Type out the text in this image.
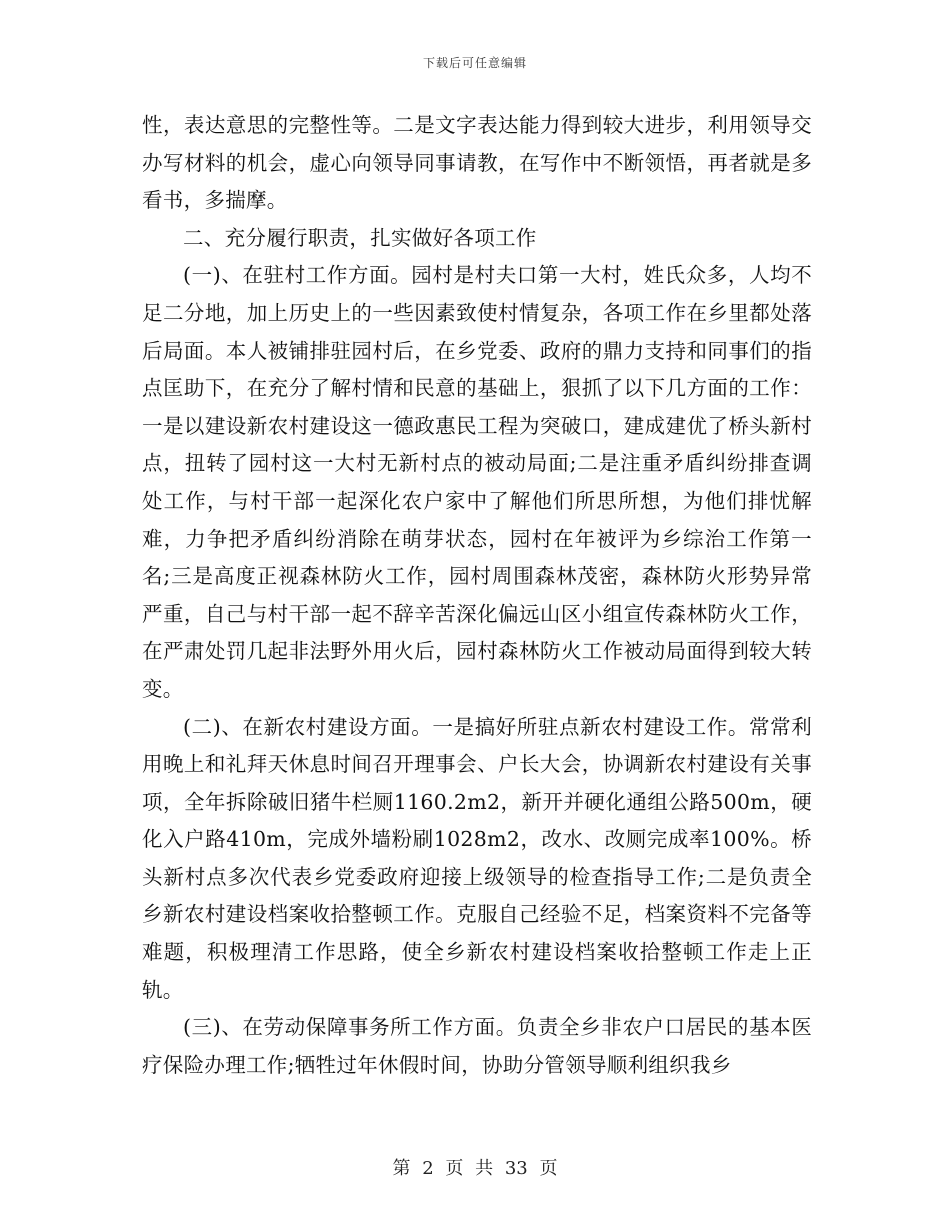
下载后可任意编辑

性，表达意思的完整性等。二是文字表达能力得到较大进步，利用领导交办写材料的机会，虚心向领导同事请教，在写作中不断领悟，再者就是多看书，多揣摩。

二、充分履行职责，扎实做好各项工作

(一)、在驻村工作方面。园村是村夫口第一大村，姓氏众多，人均不足二分地，加上历史上的一些因素致使村情复杂，各项工作在乡里都处落后局面。本人被铺排驻园村后，在乡党委、政府的鼎力支持和同事们的指点匡助下，在充分了解村情和民意的基础上，狠抓了以下几方面的工作：一是以建设新农村建设这一德政惠民工程为突破口，建成建优了桥头新村点，扭转了园村这一大村无新村点的被动局面;二是注重矛盾纠纷排查调处工作，与村干部一起深化农户家中了解他们所思所想，为他们排忧解难，力争把矛盾纠纷消除在萌芽状态，园村在年被评为乡综治工作第一名;三是高度正视森林防火工作，园村周围森林茂密，森林防火形势异常严重，自己与村干部一起不辞辛苦深化偏远山区小组宣传森林防火工作，在严肃处罚几起非法野外用火后，园村森林防火工作被动局面得到较大转变。

(二)、在新农村建设方面。一是搞好所驻点新农村建设工作。常常利用晚上和礼拜天休息时间召开理事会、户长大会，协调新农村建设有关事项，全年拆除破旧猪牛栏厕1160.2m2，新开并硬化通组公路500m，硬化入户路410m，完成外墙粉刷1028m2，改水、改厕完成率100%。桥头新村点多次代表乡党委政府迎接上级领导的检查指导工作;二是负责全乡新农村建设档案收拾整顿工作。克服自己经验不足，档案资料不完备等难题，积极理清工作思路，使全乡新农村建设档案收拾整顿工作走上正轨。

(三)、在劳动保障事务所工作方面。负责全乡非农户口居民的基本医疗保险办理工作;牺牲过年休假时间，协助分管领导顺利组织我乡

第 2 页 共 33 页
